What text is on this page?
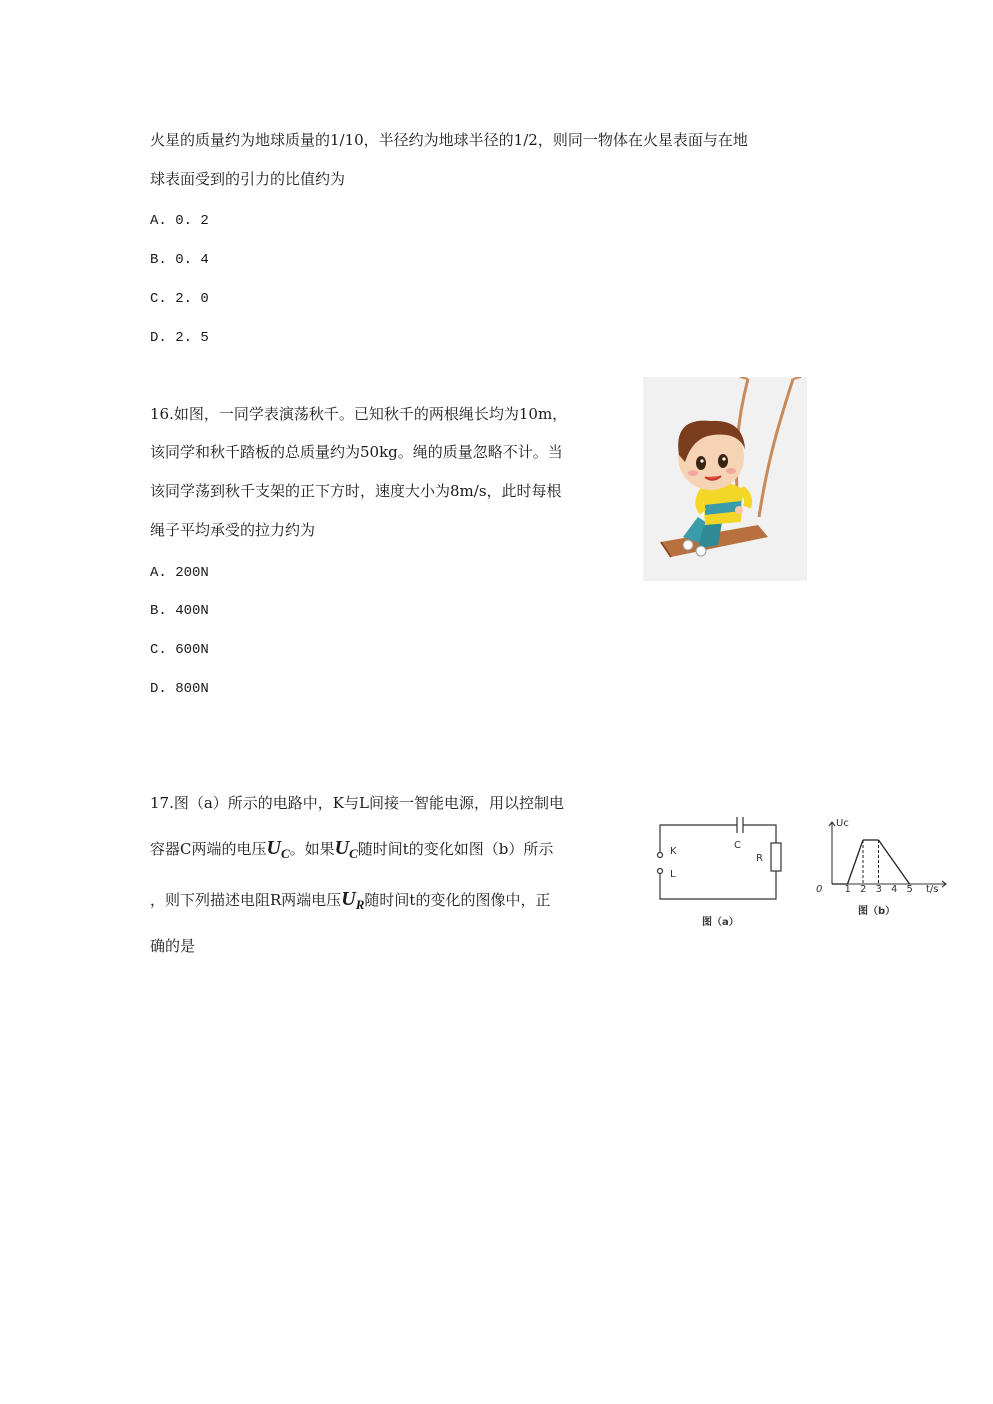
火星的质量约为地球质量的1/10，半径约为地球半径的1/2，则同一物体在火星表面与在地
球表面受到的引力的比值约为
A. 0. 2
B. 0. 4
C. 2. 0
D. 2. 5
16.如图，一同学表演荡秋千。已知秋千的两根绳长均为10m，
该同学和秋千踏板的总质量约为50kg。绳的质量忽略不计。当
该同学荡到秋千支架的正下方时，速度大小为8m/s，此时每根
绳子平均承受的拉力约为
A. 200N
B. 400N
C. 600N
D. 800N
17.图（a）所示的电路中，K与L间接一智能电源，用以控制电
容器C两端的电压$U_C$。如果$U_C$随时间t的变化如图（b）所示
，则下列描述电阻R两端电压$U_R$随时间t的变化的图像中，正
确的是
K
L
C
R
图（a）
Uc
t/s
0 1 2 3 4 5
图（b）
